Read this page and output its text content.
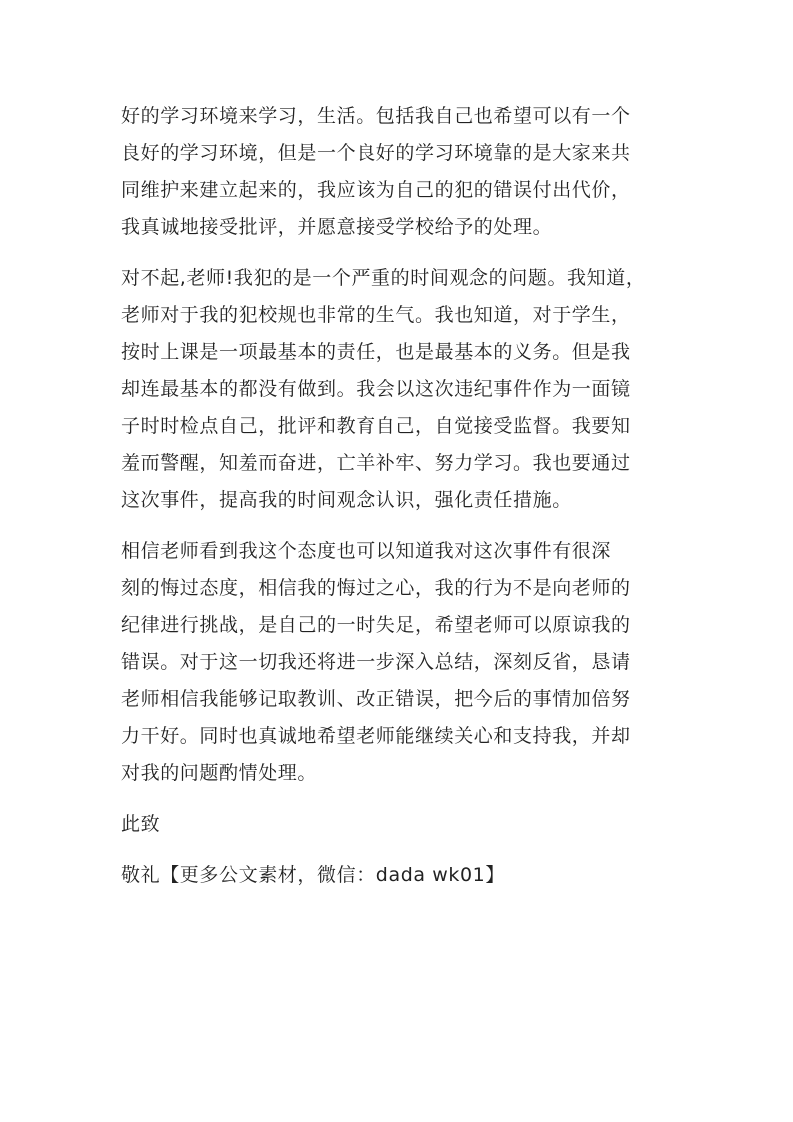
好的学习环境来学习，生活。包括我自己也希望可以有一个
良好的学习环境，但是一个良好的学习环境靠的是大家来共
同维护来建立起来的，我应该为自己的犯的错误付出代价，
我真诚地接受批评，并愿意接受学校给予的处理。

对不起,老师!我犯的是一个严重的时间观念的问题。我知道，
老师对于我的犯校规也非常的生气。我也知道，对于学生，
按时上课是一项最基本的责任，也是最基本的义务。但是我
却连最基本的都没有做到。我会以这次违纪事件作为一面镜
子时时检点自己，批评和教育自己，自觉接受监督。我要知
羞而警醒，知羞而奋进，亡羊补牢、努力学习。我也要通过
这次事件，提高我的时间观念认识，强化责任措施。

相信老师看到我这个态度也可以知道我对这次事件有很深
刻的悔过态度，相信我的悔过之心，我的行为不是向老师的
纪律进行挑战，是自己的一时失足，希望老师可以原谅我的
错误。对于这一切我还将进一步深入总结，深刻反省，恳请
老师相信我能够记取教训、改正错误，把今后的事情加倍努
力干好。同时也真诚地希望老师能继续关心和支持我，并却
对我的问题酌情处理。

此致

敬礼【更多公文素材，微信：dada wk01】
